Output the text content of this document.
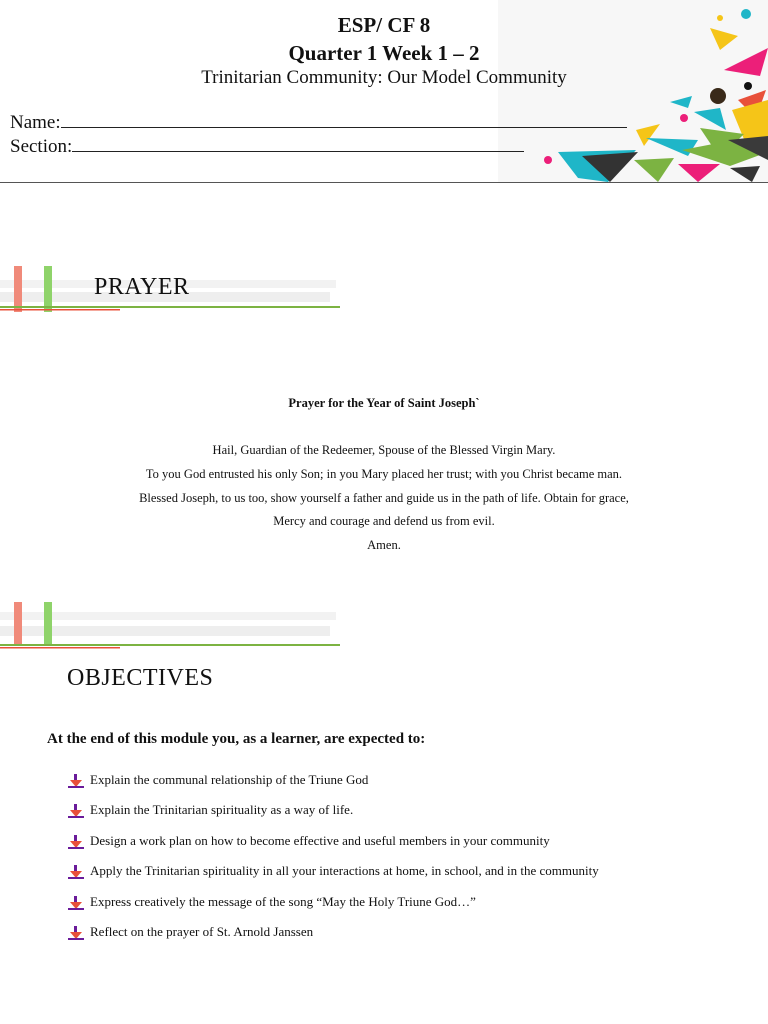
ESP/ CF 8
Quarter 1 Week 1 – 2
Trinitarian Community: Our Model Community
Name:
Section:
PRAYER
Prayer for the Year of Saint Joseph`
Hail, Guardian of the Redeemer, Spouse of the Blessed Virgin Mary.
To you God entrusted his only Son; in you Mary placed her trust; with you Christ became man.
Blessed Joseph, to us too, show yourself a father and guide us in the path of life. Obtain for grace,
Mercy and courage and defend us from evil.
Amen.
OBJECTIVES
At the end of this module you, as a learner, are expected to:
Explain the communal relationship of the Triune God
Explain the Trinitarian spirituality as a way of life.
Design a work plan on how to become effective and useful members in your community
Apply the Trinitarian spirituality in all your interactions at home, in school, and in the community
Express creatively the message of the song “May the Holy Triune God…”
Reflect on the prayer of St. Arnold Janssen
